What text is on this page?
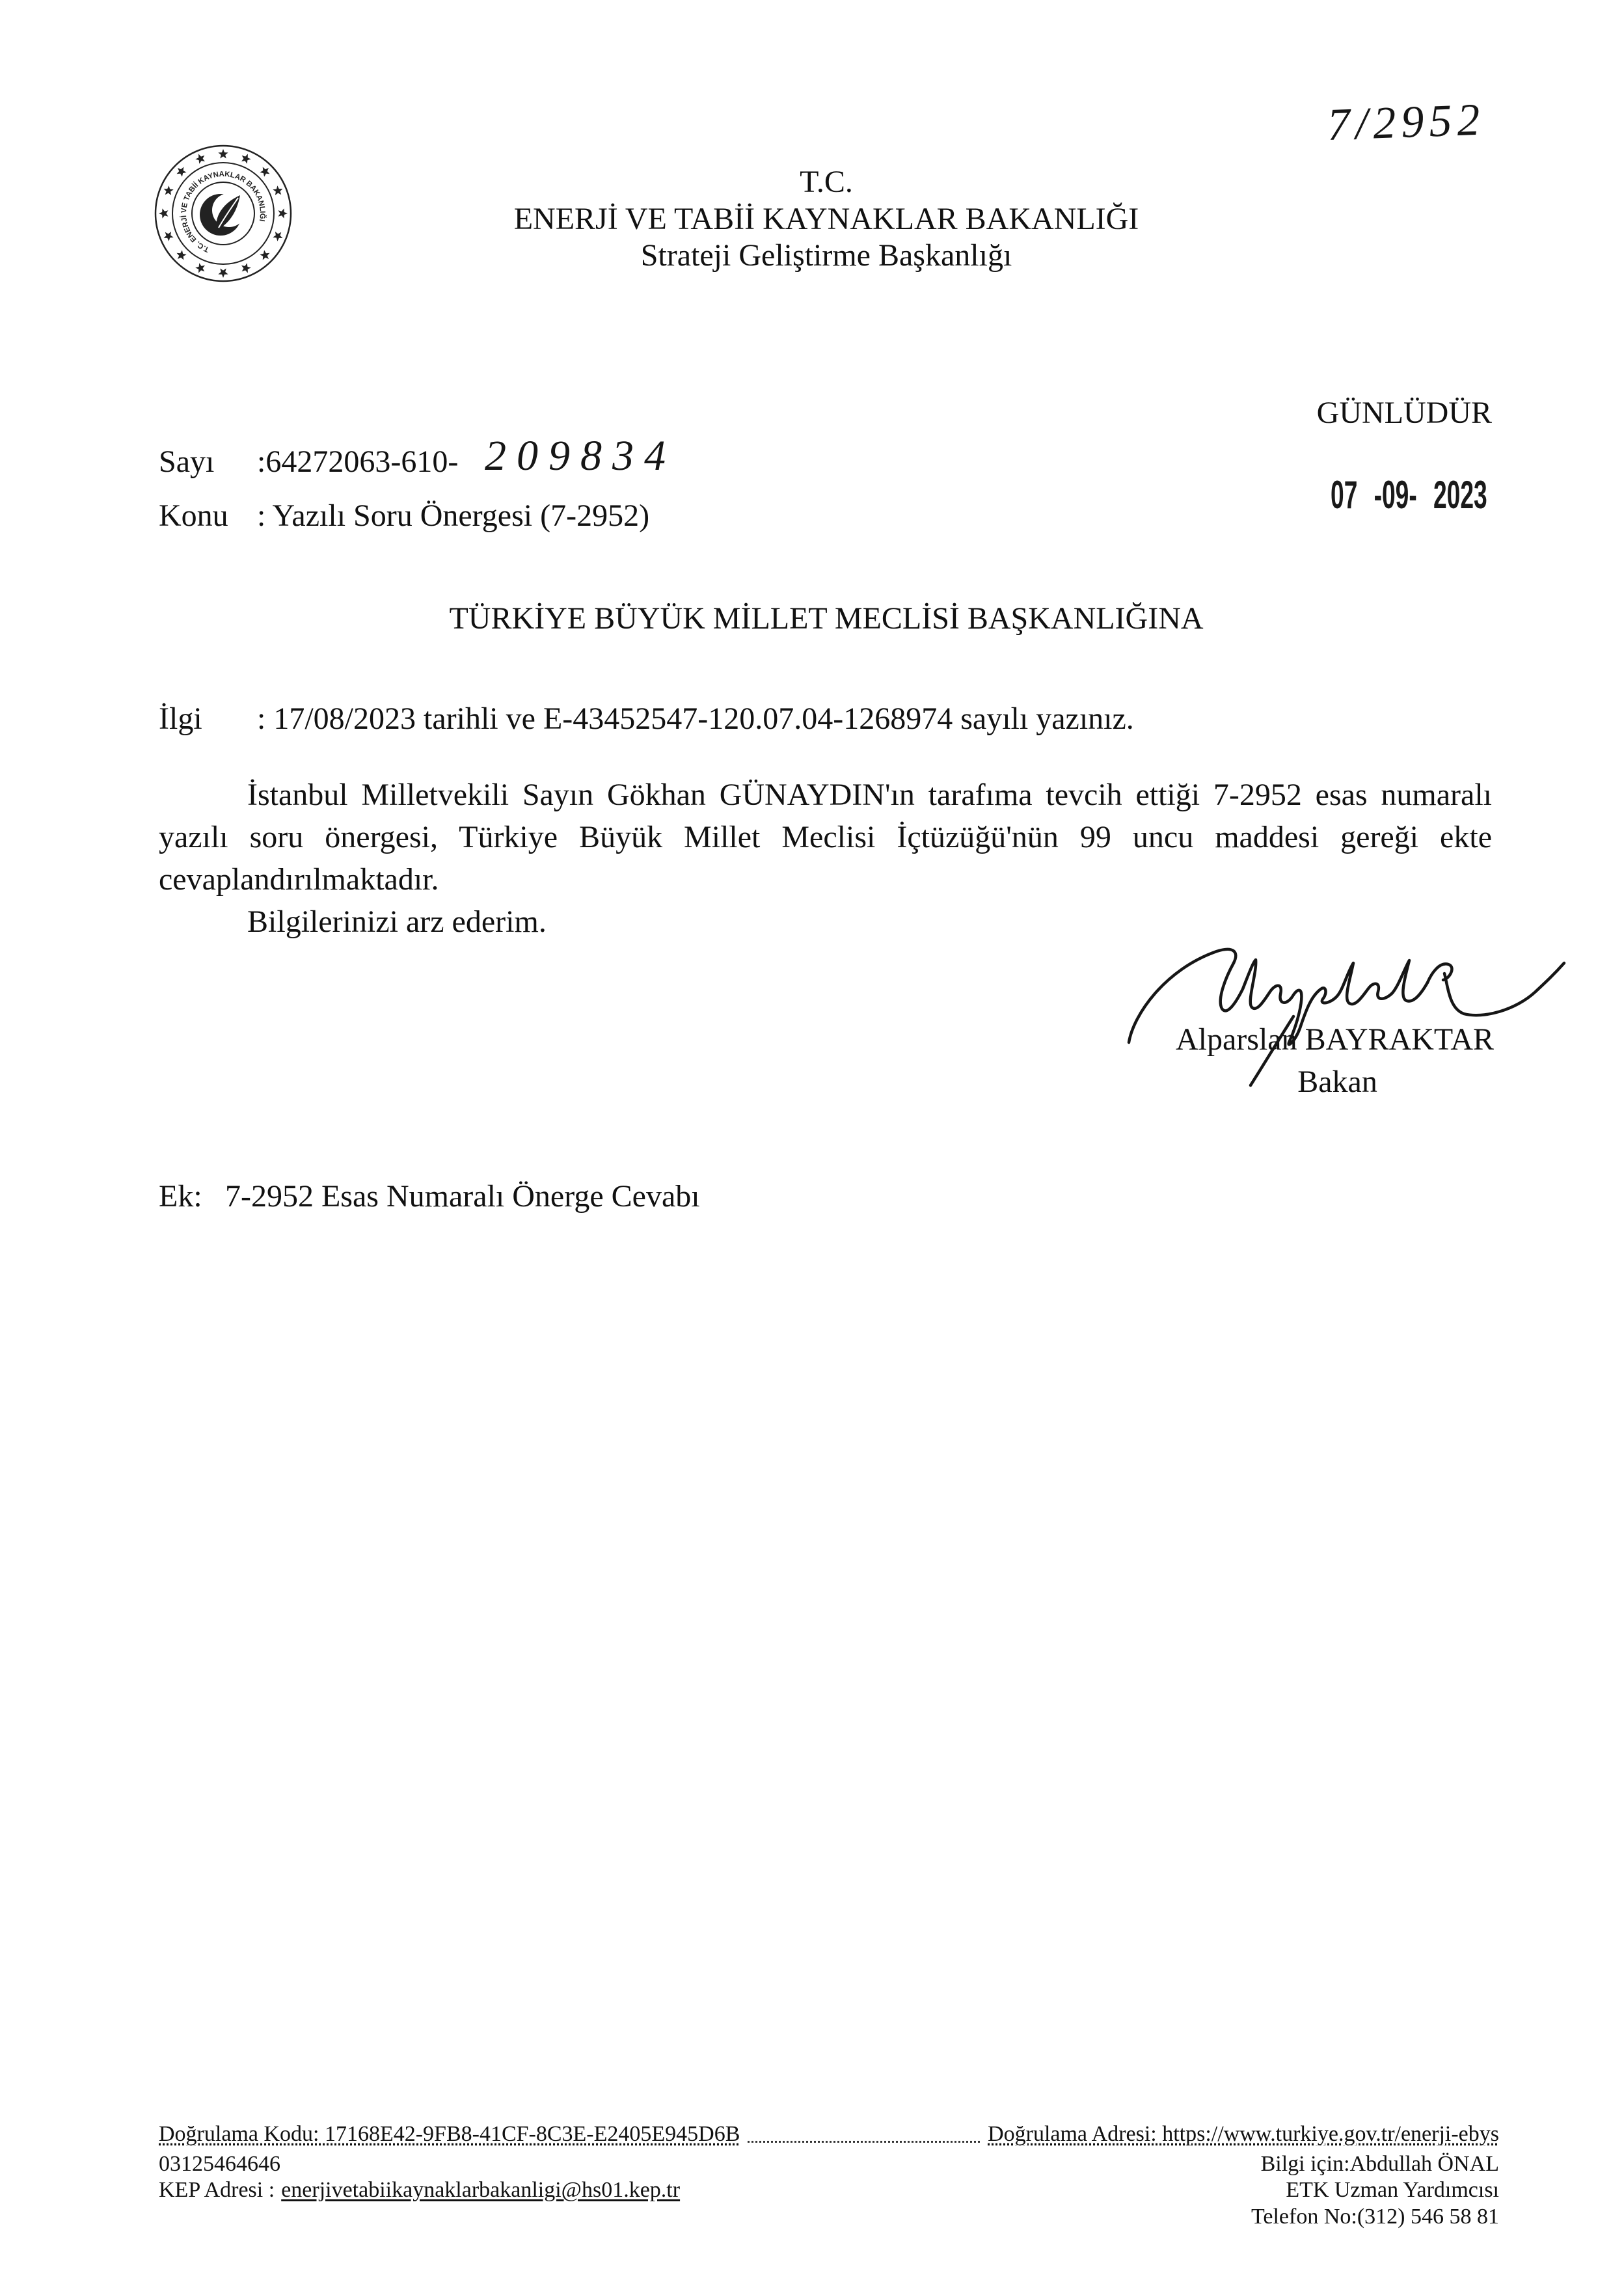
7/2952
T.C. ENERJİ VE TABİİ KAYNAKLAR BAKANLIĞI
T.C.
ENERJİ VE TABİİ KAYNAKLAR BAKANLIĞI
Strateji Geliştirme Başkanlığı
GÜNLÜDÜR
07 -09- 2023
Sayı :64272063-610- 209834
Konu : Yazılı Soru Önergesi (7-2952)
TÜRKİYE BÜYÜK MİLLET MECLİSİ BAŞKANLIĞINA
İlgi : 17/08/2023 tarihli ve E-43452547-120.07.04-1268974 sayılı yazınız.
İstanbul Milletvekili Sayın Gökhan GÜNAYDIN'ın tarafıma tevcih ettiği 7-2952 esas numaralı
yazılı soru önergesi, Türkiye Büyük Millet Meclisi İçtüzüğü'nün 99 uncu maddesi gereği ekte
cevaplandırılmaktadır.
Bilgilerinizi arz ederim.
Alparslan BAYRAKTAR
Bakan
Ek: 7-2952 Esas Numaralı Önerge Cevabı
Doğrulama Kodu: 17168E42-9FB8-41CF-8C3E-E2405E945D6B	Doğrulama Adresi: https://www.turkiye.gov.tr/enerji-ebys
03125464646
KEP Adresi : enerjivetabiikaynaklarbakanligi@hs01.kep.tr
Bilgi için:Abdullah ÖNAL
ETK Uzman Yardımcısı
Telefon No:(312) 546 58 81
